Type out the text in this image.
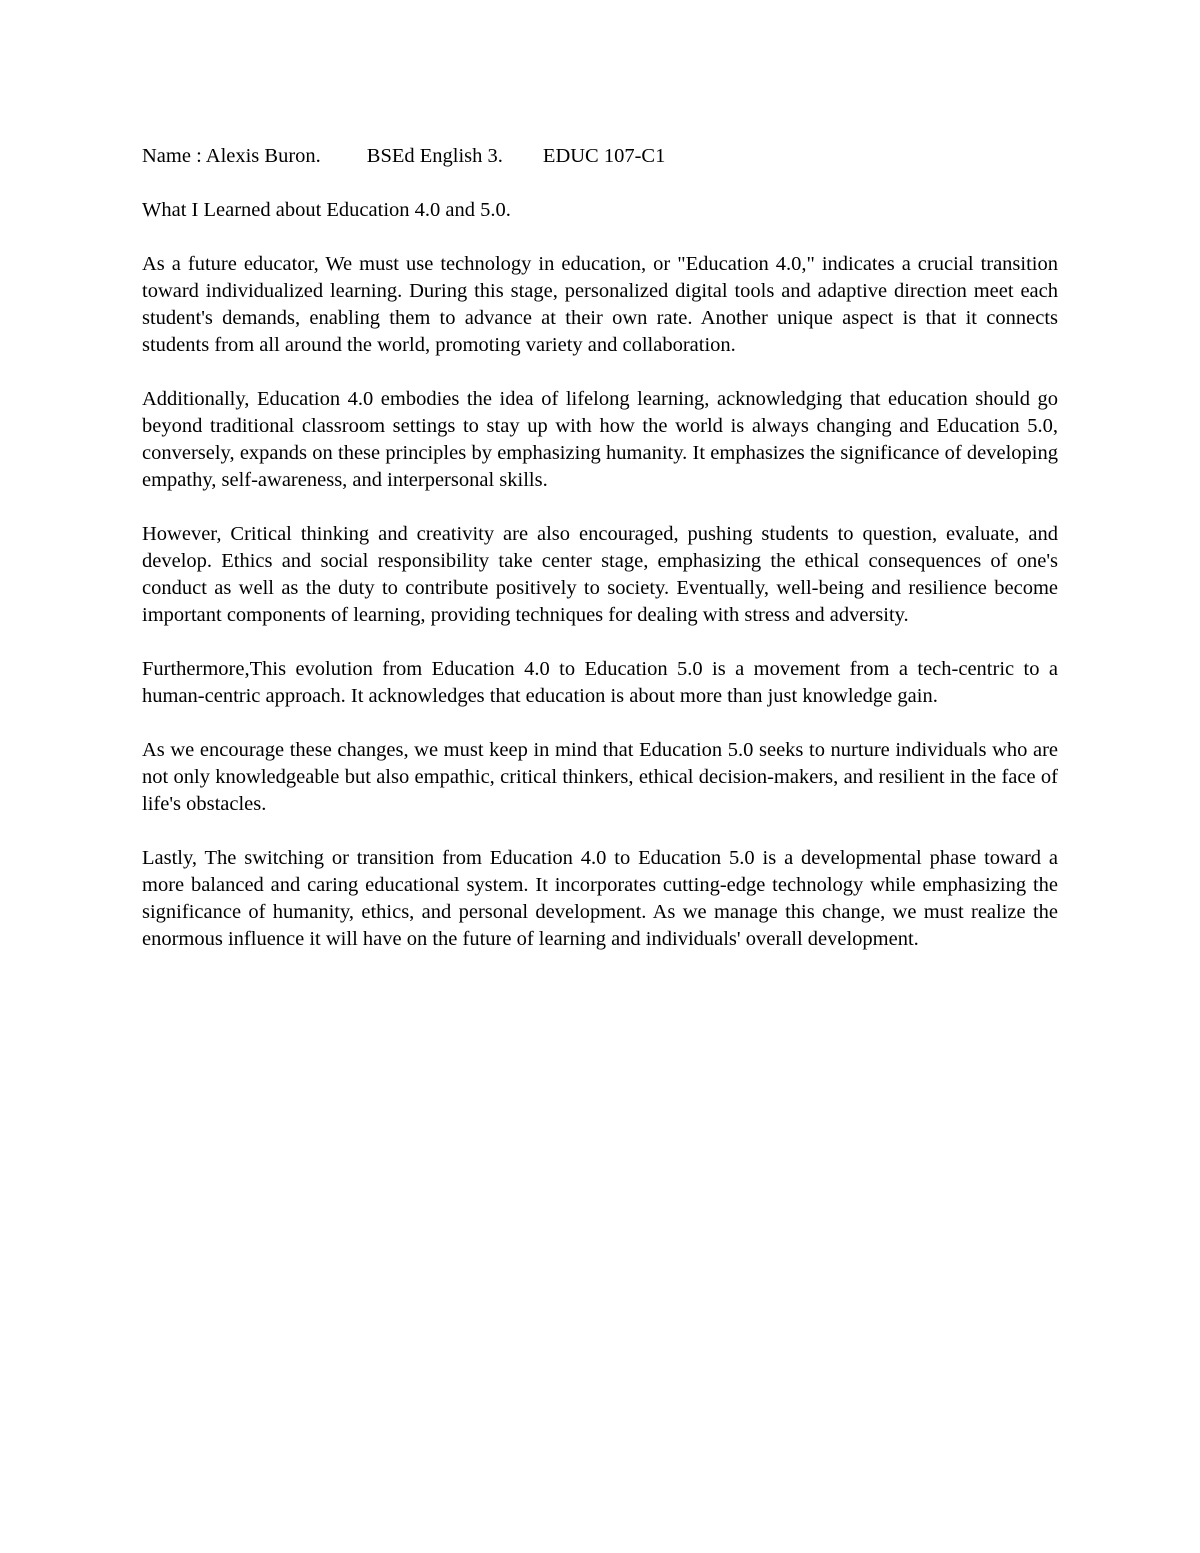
Name : Alexis Buron. BSEd English 3. EDUC 107-C1
What I Learned about Education 4.0 and 5.0.

As a future educator, We must use technology in education, or "Education 4.0," indicates a crucial transition toward individualized learning. During this stage, personalized digital tools and adaptive direction meet each student's demands, enabling them to advance at their own rate. Another unique aspect is that it connects students from all around the world, promoting variety and collaboration.

Additionally, Education 4.0 embodies the idea of lifelong learning, acknowledging that education should go beyond traditional classroom settings to stay up with how the world is always changing and Education 5.0, conversely, expands on these principles by emphasizing humanity. It emphasizes the significance of developing empathy, self-awareness, and interpersonal skills.

However, Critical thinking and creativity are also encouraged, pushing students to question, evaluate, and develop. Ethics and social responsibility take center stage, emphasizing the ethical consequences of one's conduct as well as the duty to contribute positively to society. Eventually, well-being and resilience become important components of learning, providing techniques for dealing with stress and adversity.

Furthermore,This evolution from Education 4.0 to Education 5.0 is a movement from a tech-centric to a human-centric approach. It acknowledges that education is about more than just knowledge gain.

As we encourage these changes, we must keep in mind that Education 5.0 seeks to nurture individuals who are not only knowledgeable but also empathic, critical thinkers, ethical decision-makers, and resilient in the face of life's obstacles.

Lastly, The switching or transition from Education 4.0 to Education 5.0 is a developmental phase toward a more balanced and caring educational system. It incorporates cutting-edge technology while emphasizing the significance of humanity, ethics, and personal development. As we manage this change, we must realize the enormous influence it will have on the future of learning and individuals' overall development.
